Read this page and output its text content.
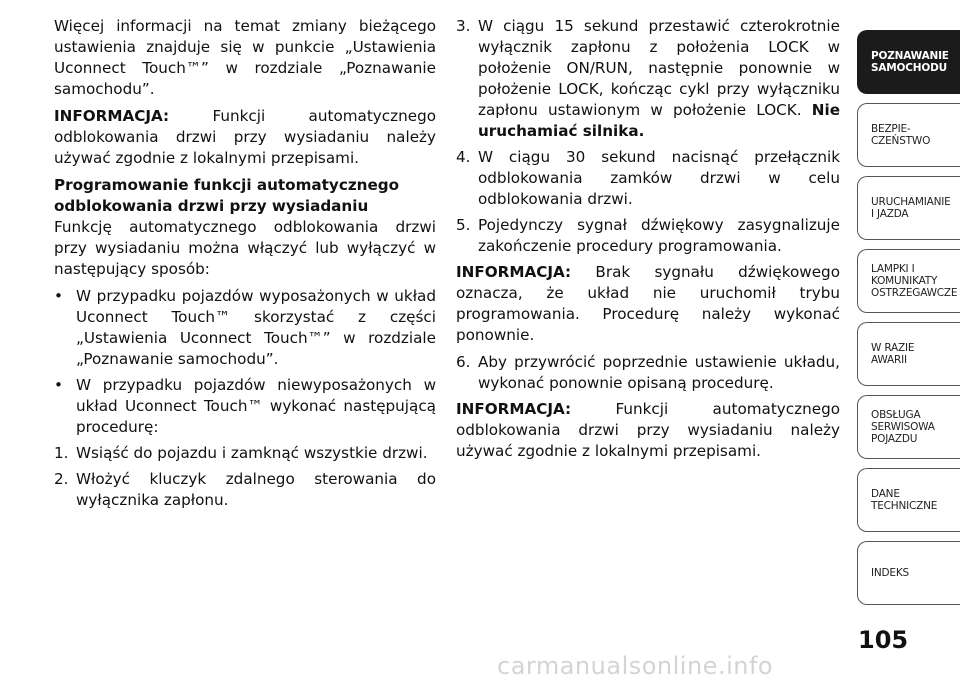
Więcej informacji na temat zmiany bieżącego ustawienia znajduje się w punkcie „Ustawienia Uconnect Touch™” w rozdziale „Poznawanie samochodu”.

INFORMACJA: Funkcji automatycznego odblokowania drzwi przy wysiadaniu należy używać zgodnie z lokalnymi przepisami.

Programowanie funkcji automatycznego
odblokowania drzwi przy wysiadaniu

Funkcję automatycznego odblokowania drzwi przy wysiadaniu można włączyć lub wyłączyć w następujący sposób:

• W przypadku pojazdów wyposażonych w układ Uconnect Touch™ skorzystać z części „Ustawienia Uconnect Touch™” w rozdziale „Poznawanie samochodu”.
• W przypadku pojazdów niewyposażonych w układ Uconnect Touch™ wykonać następującą procedurę:
1. Wsiąść do pojazdu i zamknąć wszystkie drzwi.
2. Włożyć kluczyk zdalnego sterowania do wyłącznika zapłonu.
3. W ciągu 15 sekund przestawić czterokrotnie wyłącznik zapłonu z położenia LOCK w położenie ON/RUN, następnie ponownie w położenie LOCK, kończąc cykl przy wyłączniku zapłonu ustawionym w położenie LOCK. Nie uruchamiać silnika.
4. W ciągu 30 sekund nacisnąć przełącznik odblokowania zamków drzwi w celu odblokowania drzwi.
5. Pojedynczy sygnał dźwiękowy zasygnalizuje zakończenie procedury programowania.

INFORMACJA: Brak sygnału dźwiękowego oznacza, że układ nie uruchomił trybu programowania. Procedurę należy wykonać ponownie.

6. Aby przywrócić poprzednie ustawienie układu, wykonać ponownie opisaną procedurę.

INFORMACJA: Funkcji automatycznego odblokowania drzwi przy wysiadaniu należy używać zgodnie z lokalnymi przepisami.

POZNAWANIE
SAMOCHODU
BEZPIE-
CZEŃSTWO
URUCHAMIANIE
I JAZDA
LAMPKI I
KOMUNIKATY
OSTRZEGAWCZE
W RAZIE
AWARII
OBSŁUGA
SERWISOWA
POJAZDU
DANE
TECHNICZNE
INDEKS
105
carmanualsonline.info
